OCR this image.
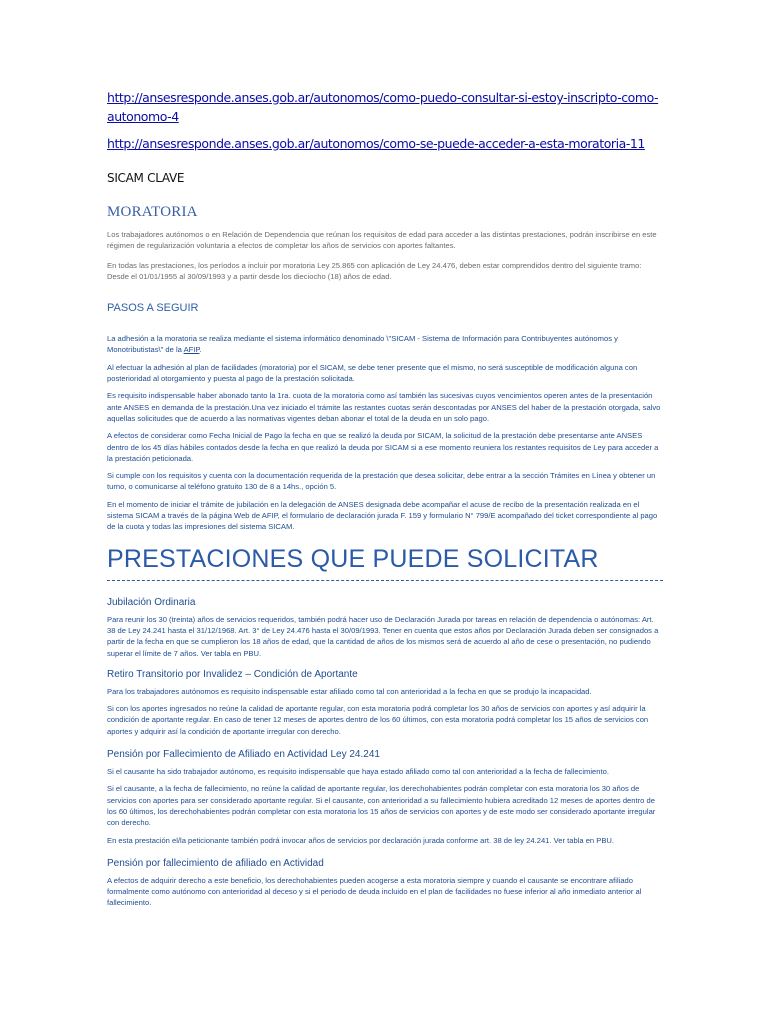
http://ansesresponde.anses.gob.ar/autonomos/como-puedo-consultar-si-estoy-inscripto-como-autonomo-4
http://ansesresponde.anses.gob.ar/autonomos/como-se-puede-acceder-a-esta-moratoria-11
SICAM CLAVE
MORATORIA

Los trabajadores autónomos o en Relación de Dependencia que reúnan los requisitos de edad para acceder a las distintas prestaciones, podrán inscribirse en este régimen de regularización voluntaria a efectos de completar los años de servicios con aportes faltantes.

En todas las prestaciones, los períodos a incluir por moratoria Ley 25.865 con aplicación de Ley 24.476, deben estar comprendidos dentro del siguiente tramo: Desde el 01/01/1955 al 30/09/1993 y a partir desde los dieciocho (18) años de edad.

PASOS A SEGUIR

La adhesión a la moratoria se realiza mediante el sistema informático denominado \"SICAM - Sistema de Información para Contribuyentes autónomos y Monotributistas\" de la AFIP.

Al efectuar la adhesión al plan de facilidades (moratoria) por el SICAM, se debe tener presente que el mismo, no será susceptible de modificación alguna con posterioridad al otorgamiento y puesta al pago de la prestación solicitada.

Es requisito indispensable haber abonado tanto la 1ra. cuota de la moratoria como así también las sucesivas cuyos vencimientos operen antes de la presentación ante ANSES en demanda de la prestación.Una vez iniciado el trámite las restantes cuotas serán descontadas por ANSES del haber de la prestación otorgada, salvo aquellas solicitudes que de acuerdo a las normativas vigentes deban abonar el total de la deuda en un solo pago.

A efectos de considerar como Fecha Inicial de Pago la fecha en que se realizó la deuda por SICAM, la solicitud de la prestación debe presentarse ante ANSES dentro de los 45 días hábiles contados desde la fecha en que realizó la deuda por SICAM si a ese momento reuniera los restantes requisitos de Ley para acceder a la prestación peticionada.

Si cumple con los requisitos y cuenta con la documentación requerida de la prestación que desea solicitar, debe entrar a la sección Trámites en Línea y obtener un turno, o comunicarse al teléfono gratuito 130 de 8 a 14hs., opción 5.

En el momento de iniciar el trámite de jubilación en la delegación de ANSES designada debe acompañar el acuse de recibo de la presentación realizada en el sistema SICAM a través de la página Web de AFIP, el formulario de declaración jurada F. 159 y formulario N° 799/E acompañado del ticket correspondiente al pago de la cuota y todas las impresiones del sistema SICAM.

PRESTACIONES QUE PUEDE SOLICITAR
Jubilación Ordinaria

Para reunir los 30 (treinta) años de servicios requeridos, también podrá hacer uso de Declaración Jurada por tareas en relación de dependencia o autónomas: Art. 38 de Ley 24.241 hasta el 31/12/1968. Art. 3° de Ley 24.476 hasta el 30/09/1993. Tener en cuenta que estos años por Declaración Jurada deben ser consignados a partir de la fecha en que se cumplieron los 18 años de edad, que la cantidad de años de los mismos será de acuerdo al año de cese o presentación, no pudiendo superar el límite de 7 años. Ver tabla en PBU.

Retiro Transitorio por Invalidez – Condición de Aportante

Para los trabajadores autónomos es requisito indispensable estar afiliado como tal con anterioridad a la fecha en que se produjo la incapacidad.

Si con los aportes ingresados no reúne la calidad de aportante regular, con esta moratoria podrá completar los 30 años de servicios con aportes y así adquirir la condición de aportante regular. En caso de tener 12 meses de aportes dentro de los 60 últimos, con esta moratoria podrá completar los 15 años de servicios con aportes y adquirir así la condición de aportante irregular con derecho.

Pensión por Fallecimiento de Afiliado en Actividad Ley 24.241

Si el causante ha sido trabajador autónomo, es requisito indispensable que haya estado afiliado como tal con anterioridad a la fecha de fallecimiento.

Si el causante, a la fecha de fallecimiento, no reúne la calidad de aportante regular, los derechohabientes podrán completar con esta moratoria los 30 años de servicios con aportes para ser considerado aportante regular. Si el causante, con anterioridad a su fallecimiento hubiera acreditado 12 meses de aportes dentro de los 60 últimos, los derechohabientes podrán completar con esta moratoria los 15 años de servicios con aportes y de este modo ser considerado aportante irregular con derecho.

En esta prestación el/la peticionante también podrá invocar años de servicios por declaración jurada conforme art. 38 de ley 24.241. Ver tabla en PBU.

Pensión por fallecimiento de afiliado en Actividad

A efectos de adquirir derecho a este beneficio, los derechohabientes pueden acogerse a esta moratoria siempre y cuando el causante se encontrare afiliado formalmente como autónomo con anterioridad al deceso y si el periodo de deuda incluido en el plan de facilidades no fuese inferior al año inmediato anterior al fallecimiento.
